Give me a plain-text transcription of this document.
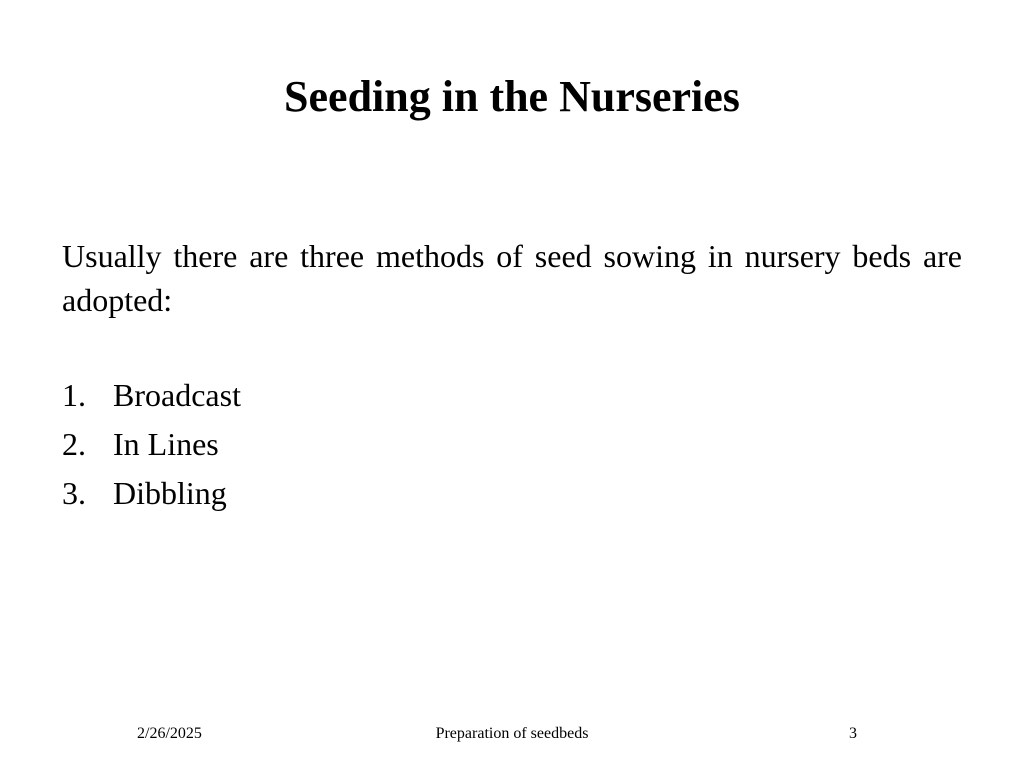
Seeding in the Nurseries

Usually there are three methods of seed sowing in nursery beds are adopted:

1. Broadcast
2. In Lines
3. Dibbling
2/26/2025	Preparation of seedbeds	3
